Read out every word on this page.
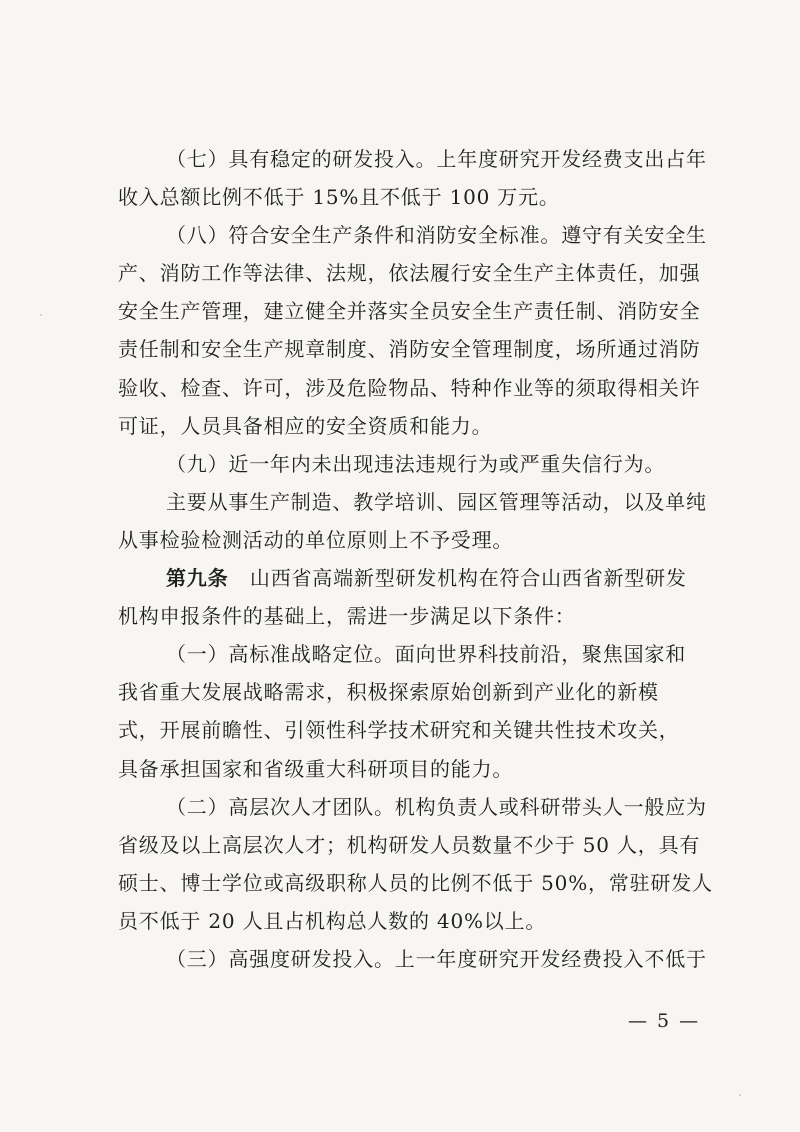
（七）具有稳定的研发投入。上年度研究开发经费支出占年
收入总额比例不低于 15%且不低于 100 万元。
（八）符合安全生产条件和消防安全标准。遵守有关安全生
产、消防工作等法律、法规，依法履行安全生产主体责任，加强
安全生产管理，建立健全并落实全员安全生产责任制、消防安全
责任制和安全生产规章制度、消防安全管理制度，场所通过消防
验收、检查、许可，涉及危险物品、特种作业等的须取得相关许
可证，人员具备相应的安全资质和能力。
（九）近一年内未出现违法违规行为或严重失信行为。
主要从事生产制造、教学培训、园区管理等活动，以及单纯
从事检验检测活动的单位原则上不予受理。
第九条 山西省高端新型研发机构在符合山西省新型研发
机构申报条件的基础上，需进一步满足以下条件：
（一）高标准战略定位。面向世界科技前沿，聚焦国家和
我省重大发展战略需求，积极探索原始创新到产业化的新模
式，开展前瞻性、引领性科学技术研究和关键共性技术攻关，
具备承担国家和省级重大科研项目的能力。
（二）高层次人才团队。机构负责人或科研带头人一般应为
省级及以上高层次人才；机构研发人员数量不少于 50 人，具有
硕士、博士学位或高级职称人员的比例不低于 50%，常驻研发人
员不低于 20 人且占机构总人数的 40%以上。
（三）高强度研发投入。上一年度研究开发经费投入不低于
— 5 —
